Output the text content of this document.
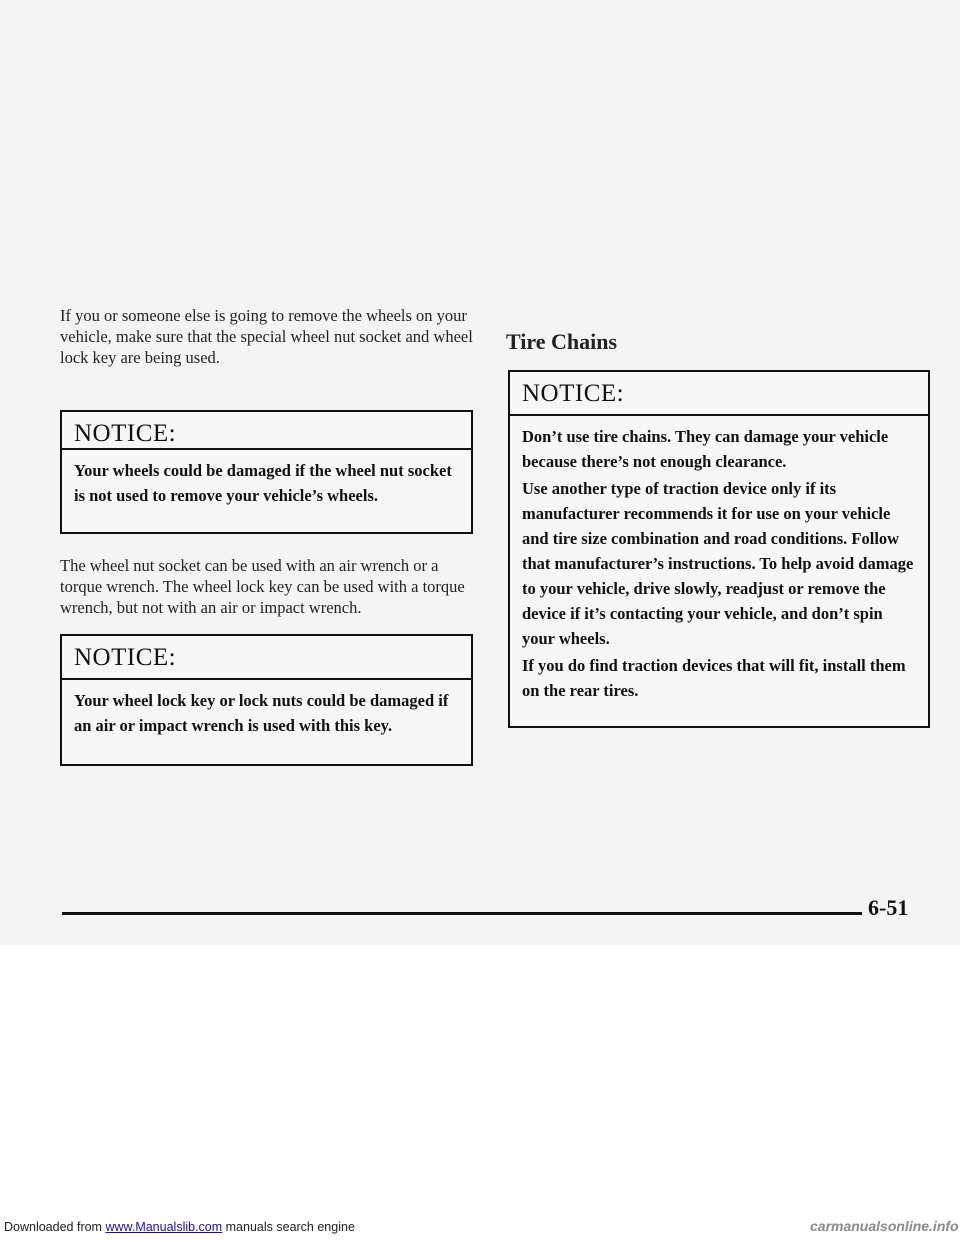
If you or someone else is going to remove the wheels on your vehicle, make sure that the special wheel nut socket and wheel lock key are being used.

NOTICE:
Your wheels could be damaged if the wheel nut socket is not used to remove your vehicle’s wheels.

The wheel nut socket can be used with an air wrench or a torque wrench. The wheel lock key can be used with a torque wrench, but not with an air or impact wrench.

NOTICE:
Your wheel lock key or lock nuts could be damaged if an air or impact wrench is used with this key.
Tire Chains
NOTICE:

Don’t use tire chains. They can damage your vehicle because there’s not enough clearance.

Use another type of traction device only if its manufacturer recommends it for use on your vehicle and tire size combination and road conditions. Follow that manufacturer’s instructions. To help avoid damage to your vehicle, drive slowly, readjust or remove the device if it’s contacting your vehicle, and don’t spin your wheels.

If you do find traction devices that will fit, install them on the rear tires.

6-51
Downloaded from www.Manualslib.com manuals search engine	carmanualsonline.info
